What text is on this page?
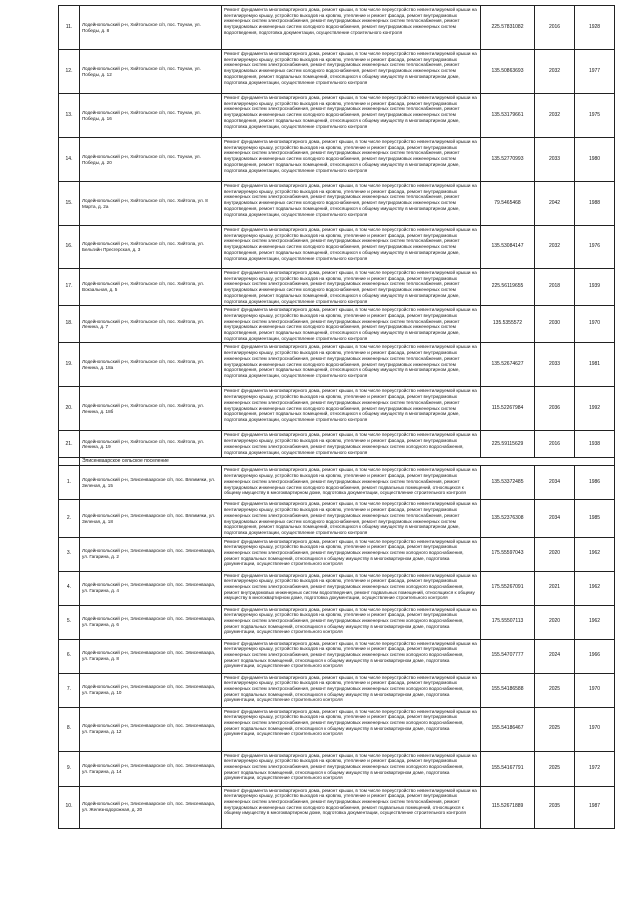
11.	Лодейнопольский р-н, Хийтольское с/п, пос. Тоунан, ул. Победы, д. 8	Ремонт фундамента многоквартирного дома, ремонт крыши, в том числе переустройство невентилируемой крыши на вентилируемую крышу, устройство выходов на кровлю, утепление и ремонт фасада, ремонт внутридомовых инженерных систем электроснабжения, ремонт внутридомовых инженерных систем теплоснабжения, ремонт внутридомовых инженерных систем холодного водоснабжения, ремонт внутридомовых инженерных систем водоотведения, подготовка документации, осуществление строительного контроля	225.57831082	2016	1928
12.	Лодейнопольский р-н, Хийтольское с/п, пос. Тоунан, ул. Победы, д. 12	Ремонт фундамента многоквартирного дома, ремонт крыши, в том числе переустройство невентилируемой крыши на вентилируемую крышу, устройство выходов на кровлю, утепление и ремонт фасада, ремонт внутридомовых инженерных систем электроснабжения, ремонт внутридомовых инженерных систем теплоснабжения, ремонт внутридомовых инженерных систем холодного водоснабжения, ремонт внутридомовых инженерных систем водоотведения, ремонт подвальных помещений, относящихся к общему имуществу в многоквартирном доме, подготовка документации, осуществление строительного контроля	135.50863693	2032	1977
13.	Лодейнопольский р-н, Хийтольское с/п, пос. Тоунан, ул. Победы, д. 16	Ремонт фундамента многоквартирного дома, ремонт крыши, в том числе переустройство невентилируемой крыши на вентилируемую крышу, устройство выходов на кровлю, утепление и ремонт фасада, ремонт внутридомовых инженерных систем электроснабжения, ремонт внутридомовых инженерных систем теплоснабжения, ремонт внутридомовых инженерных систем холодного водоснабжения, ремонт внутридомовых инженерных систем водоотведения, ремонт подвальных помещений, относящихся к общему имуществу в многоквартирном доме, подготовка документации, осуществление строительного контроля	135.53179661	2032	1975
14.	Лодейнопольский р-н, Хийтольское с/п, пос. Тоунан, ул. Победы, д. 20	Ремонт фундамента многоквартирного дома, ремонт крыши, в том числе переустройство невентилируемой крыши на вентилируемую крышу, устройство выходов на кровлю, утепление и ремонт фасада, ремонт внутридомовых инженерных систем электроснабжения, ремонт внутридомовых инженерных систем теплоснабжения, ремонт внутридомовых инженерных систем холодного водоснабжения, ремонт внутридомовых инженерных систем водоотведения, ремонт подвальных помещений, относящихся к общему имуществу в многоквартирном доме, подготовка документации, осуществление строительного контроля	135.52770993	2033	1980
15.	Лодейнопольский р-н, Хийтольское с/п, пос. Хийтола, ул. 8 Марта, д. 2а	Ремонт фундамента многоквартирного дома, ремонт крыши, в том числе переустройство невентилируемой крыши на вентилируемую крышу, устройство выходов на кровлю, утепление и ремонт фасада, ремонт внутридомовых инженерных систем электроснабжения, ремонт внутридомовых инженерных систем теплоснабжения, ремонт внутридомовых инженерных систем холодного водоснабжения, ремонт внутридомовых инженерных систем водоотведения, ремонт подвальных помещений, относящихся к общему имуществу в многоквартирном доме, подготовка документации, осуществление строительного контроля	79.5465468	2042	1988
16.	Лодейнопольский р-н, Хийтольское с/п, пос. Хийтола, ул. Бельгийн Пресгерская, д. 3	Ремонт фундамента многоквартирного дома, ремонт крыши, в том числе переустройство невентилируемой крыши на вентилируемую крышу, устройство выходов на кровлю, утепление и ремонт фасада, ремонт внутридомовых инженерных систем электроснабжения, ремонт внутридомовых инженерных систем теплоснабжения, ремонт внутридомовых инженерных систем холодного водоснабжения, ремонт внутридомовых инженерных систем водоотведения, ремонт подвальных помещений, относящихся к общему имуществу в многоквартирном доме, подготовка документации, осуществление строительного контроля	135.53084147	2032	1976
17.	Лодейнопольский р-н, Хийтольское с/п, пос. Хийтола, ул. Вокзальная, д. 5	Ремонт фундамента многоквартирного дома, ремонт крыши, в том числе переустройство невентилируемой крыши на вентилируемую крышу, устройство выходов на кровлю, утепление и ремонт фасада, ремонт внутридомовых инженерных систем электроснабжения, ремонт внутридомовых инженерных систем теплоснабжения, ремонт внутридомовых инженерных систем холодного водоснабжения, ремонт внутридомовых инженерных систем водоотведения, ремонт подвальных помещений, относящихся к общему имуществу в многоквартирном доме, подготовка документации, осуществление строительного контроля	225.56119655	2018	1939
18.	Лодейнопольский р-н, Хийтольское с/п, пос. Хийтола, ул. Ленина, д. 7	Ремонт фундамента многоквартирного дома, ремонт крыши, в том числе переустройство невентилируемой крыши на вентилируемую крышу, устройство выходов на кровлю, утепление и ремонт фасада, ремонт внутридомовых инженерных систем электроснабжения, ремонт внутридомовых инженерных систем теплоснабжения, ремонт внутридомовых инженерных систем холодного водоснабжения, ремонт внутридомовых инженерных систем водоотведения, ремонт подвальных помещений, относящихся к общему имуществу в многоквартирном доме, подготовка документации, осуществление строительного контроля	135.5355572	2030	1970
19.	Лодейнопольский р-н, Хийтольское с/п, пос. Хийтола, ул. Ленина, д. 18а	Ремонт фундамента многоквартирного дома, ремонт крыши, в том числе переустройство невентилируемой крыши на вентилируемую крышу, устройство выходов на кровлю, утепление и ремонт фасада, ремонт внутридомовых инженерных систем электроснабжения, ремонт внутридомовых инженерных систем теплоснабжения, ремонт внутридомовых инженерных систем холодного водоснабжения, ремонт внутридомовых инженерных систем водоотведения, ремонт подвальных помещений, относящихся к общему имуществу в многоквартирном доме, подготовка документации, осуществление строительного контроля	135.52674627	2033	1981
20.	Лодейнопольский р-н, Хийтольское с/п, пос. Хийтола, ул. Ленина, д. 18б	Ремонт фундамента многоквартирного дома, ремонт крыши, в том числе переустройство невентилируемой крыши на вентилируемую крышу, устройство выходов на кровлю, утепление и ремонт фасада, ремонт внутридомовых инженерных систем электроснабжения, ремонт внутридомовых инженерных систем теплоснабжения, ремонт внутридомовых инженерных систем холодного водоснабжения, ремонт внутридомовых инженерных систем водоотведения, ремонт подвальных помещений, относящихся к общему имуществу в многоквартирном доме, подготовка документации, осуществление строительного контроля	115.52267984	2036	1992
21.	Лодейнопольский р-н, Хийтольское с/п, пос. Хийтола, ул. Ленина, д. 19	Ремонт фундамента многоквартирного дома, ремонт крыши, в том числе переустройство невентилируемой крыши на вентилируемую крышу, устройство выходов на кровлю, утепление и ремонт фасада, ремонт внутридомовых инженерных систем электроснабжения, ремонт внутридомовых инженерных систем холодного водоснабжения, подготовка документации, осуществление строительного контроля	225.59115629	2016	1938
	Элисенваарское сельское поселение				
1.	Лодейнопольский р-н, Элисенваарское с/п, пос. Вялимяки, ул. Зеленая, д. 15	Ремонт фундамента многоквартирного дома, ремонт крыши, в том числе переустройство невентилируемой крыши на вентилируемую крышу, устройство выходов на кровлю, утепление и ремонт фасада, ремонт внутридомовых инженерных систем электроснабжения, ремонт внутридомовых инженерных систем теплоснабжения, ремонт внутридомовых инженерных систем холодного водоснабжения, ремонт подвальных помещений, относящихся к общему имуществу в многоквартирном доме, подготовка документации, осуществление строительного контроля	135.53372485	2034	1986
2.	Лодейнопольский р-н, Элисенваарское с/п, пос. Вялимяки, ул. Зеленая, д. 18	Ремонт фундамента многоквартирного дома, ремонт крыши, в том числе переустройство невентилируемой крыши на вентилируемую крышу, устройство выходов на кровлю, утепление и ремонт фасада, ремонт внутридомовых инженерных систем электроснабжения, ремонт внутридомовых инженерных систем теплоснабжения, ремонт внутридомовых инженерных систем холодного водоснабжения, ремонт внутридомовых инженерных систем водоотведения, ремонт подвальных помещений, относящихся к общему имуществу в многоквартирном доме, подготовка документации, осуществление строительного контроля	135.52376308	2034	1985
3.	Лодейнопольский р-н, Элисенваарское с/п, пос. Элисенваара, ул. Гагарина, д. 2	Ремонт фундамента многоквартирного дома, ремонт крыши, в том числе переустройство невентилируемой крыши на вентилируемую крышу, устройство выходов на кровлю, утепление и ремонт фасада, ремонт внутридомовых инженерных систем электроснабжения, ремонт внутридомовых инженерных систем холодного водоснабжения, ремонт подвальных помещений, относящихся к общему имуществу в многоквартирном доме, подготовка документации, осуществление строительного контроля	175.55597043	2020	1962
4.	Лодейнопольский р-н, Элисенваарское с/п, пос. Элисенваара, ул. Гагарина, д. 4	Ремонт фундамента многоквартирного дома, ремонт крыши, в том числе переустройство невентилируемой крыши на вентилируемую крышу, устройство выходов на кровлю, утепление и ремонт фасада, ремонт внутридомовых инженерных систем электроснабжения, ремонт внутридомовых инженерных систем холодного водоснабжения, ремонт внутридомовых инженерных систем водоотведения, ремонт подвальных помещений, относящихся к общему имуществу в многоквартирном доме, подготовка документации, осуществление строительного контроля	175.55267091	2021	1962
5.	Лодейнопольский р-н, Элисенваарское с/п, пос. Элисенваара, ул. Гагарина, д. 6	Ремонт фундамента многоквартирного дома, ремонт крыши, в том числе переустройство невентилируемой крыши на вентилируемую крышу, устройство выходов на кровлю, утепление и ремонт фасада, ремонт внутридомовых инженерных систем электроснабжения, ремонт внутридомовых инженерных систем холодного водоснабжения, ремонт подвальных помещений, относящихся к общему имуществу в многоквартирном доме, подготовка документации, осуществление строительного контроля	175.55507113	2020	1962
6.	Лодейнопольский р-н, Элисенваарское с/п, пос. Элисенваара, ул. Гагарина, д. 8	Ремонт фундамента многоквартирного дома, ремонт крыши, в том числе переустройство невентилируемой крыши на вентилируемую крышу, устройство выходов на кровлю, утепление и ремонт фасада, ремонт внутридомовых инженерных систем электроснабжения, ремонт внутридомовых инженерных систем холодного водоснабжения, ремонт подвальных помещений, относящихся к общему имуществу в многоквартирном доме, подготовка документации, осуществление строительного контроля	155.54707777	2024	1966
7.	Лодейнопольский р-н, Элисенваарское с/п, пос. Элисенваара, ул. Гагарина, д. 10	Ремонт фундамента многоквартирного дома, ремонт крыши, в том числе переустройство невентилируемой крыши на вентилируемую крышу, устройство выходов на кровлю, утепление и ремонт фасада, ремонт внутридомовых инженерных систем электроснабжения, ремонт внутридомовых инженерных систем холодного водоснабжения, ремонт подвальных помещений, относящихся к общему имуществу в многоквартирном доме, подготовка документации, осуществление строительного контроля	155.54186588	2025	1970
8.	Лодейнопольский р-н, Элисенваарское с/п, пос. Элисенваара, ул. Гагарина, д. 12	Ремонт фундамента многоквартирного дома, ремонт крыши, в том числе переустройство невентилируемой крыши на вентилируемую крышу, устройство выходов на кровлю, утепление и ремонт фасада, ремонт внутридомовых инженерных систем электроснабжения, ремонт внутридомовых инженерных систем холодного водоснабжения, ремонт подвальных помещений, относящихся к общему имуществу в многоквартирном доме, подготовка документации, осуществление строительного контроля	155.54186467	2025	1970
9.	Лодейнопольский р-н, Элисенваарское с/п, пос. Элисенваара, ул. Гагарина, д. 14	Ремонт фундамента многоквартирного дома, ремонт крыши, в том числе переустройство невентилируемой крыши на вентилируемую крышу, устройство выходов на кровлю, утепление и ремонт фасада, ремонт внутридомовых инженерных систем электроснабжения, ремонт внутридомовых инженерных систем холодного водоснабжения, ремонт подвальных помещений, относящихся к общему имуществу в многоквартирном доме, подготовка документации, осуществление строительного контроля	155.54167791	2025	1972
10.	Лодейнопольский р-н, Элисенваарское с/п, пос. Элисенваара, ул. Железнодорожная, д. 20	Ремонт фундамента многоквартирного дома, ремонт крыши, в том числе переустройство невентилируемой крыши на вентилируемую крышу, устройство выходов на кровлю, утепление и ремонт фасада, ремонт внутридомовых инженерных систем электроснабжения, ремонт внутридомовых инженерных систем теплоснабжения, ремонт внутридомовых инженерных систем холодного водоснабжения, ремонт подвальных помещений, относящихся к общему имуществу в многоквартирном доме, подготовка документации, осуществление строительного контроля	115.52671889	2035	1987
